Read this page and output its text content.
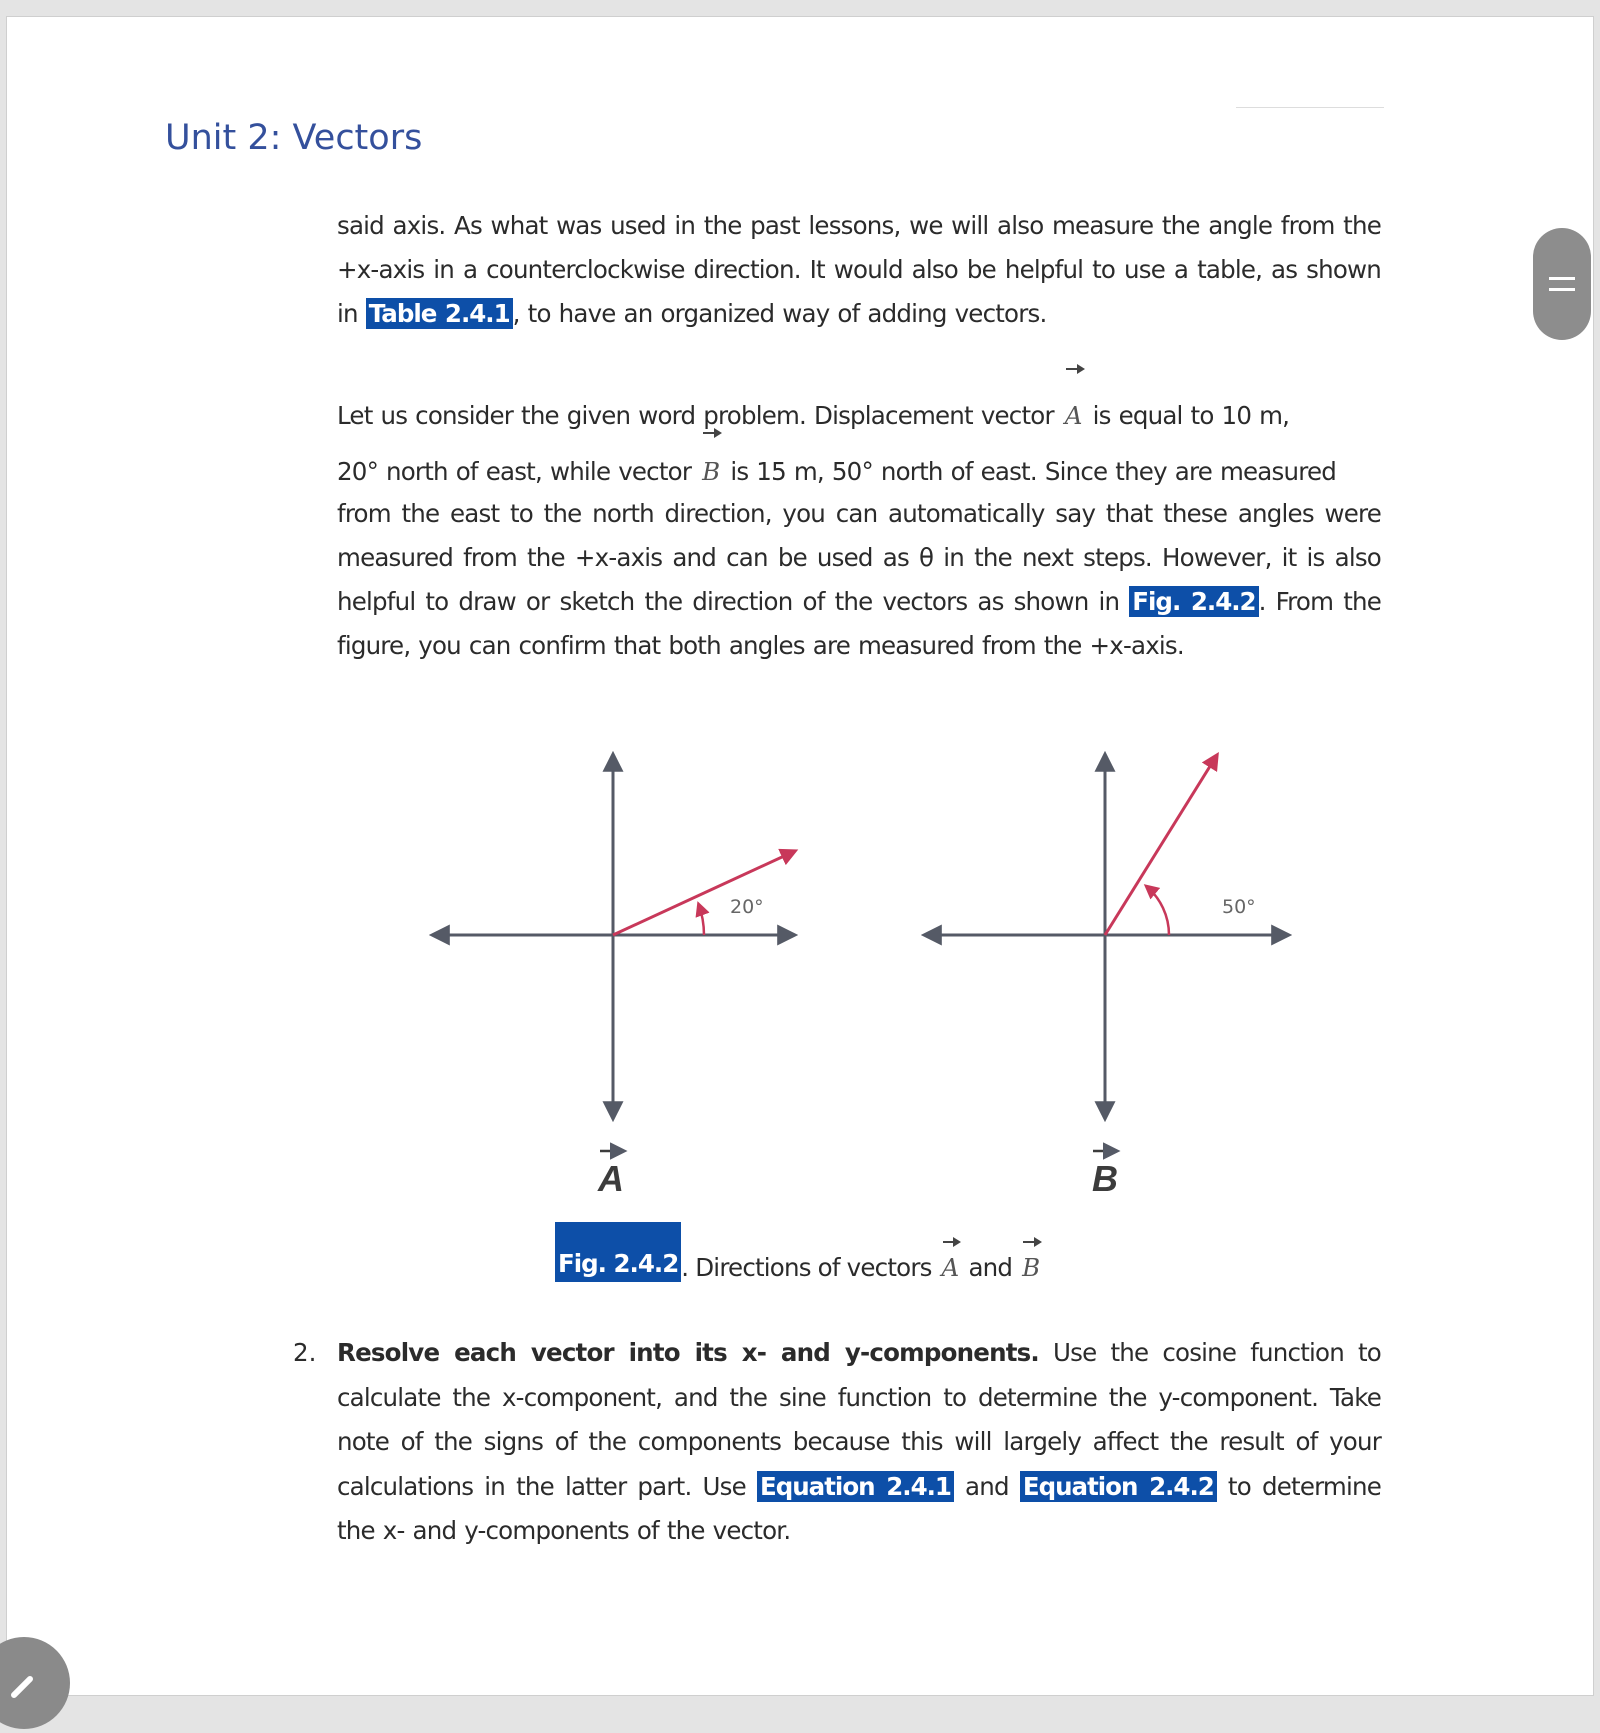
Unit 2: Vectors

said axis. As what was used in the past lessons, we will also measure the angle from the +x-axis in a counterclockwise direction. It would also be helpful to use a table, as shown in Table 2.4.1 , to have an organized way of adding vectors.

Let us consider the given word problem. Displacement vector A is equal to 10 m,
20° north of east, while vector B is 15 m, 50° north of east. Since they are measured
from the east to the north direction, you can automatically say that these angles were measured from the +x-axis and can be used as θ in the next steps. However, it is also helpful to draw or sketch the direction of the vectors as shown in Fig. 2.4.2 . From the figure, you can confirm that both angles are measured from the +x-axis.

20°
A
50°
B

Fig. 2.4.2 . Directions of vectors A and B

2. Resolve each vector into its x- and y-components. Use the cosine function to calculate the x-component, and the sine function to determine the y-component. Take note of the signs of the components because this will largely affect the result of your calculations in the latter part. Use Equation 2.4.1 and Equation 2.4.2 to determine the x- and y-components of the vector.
